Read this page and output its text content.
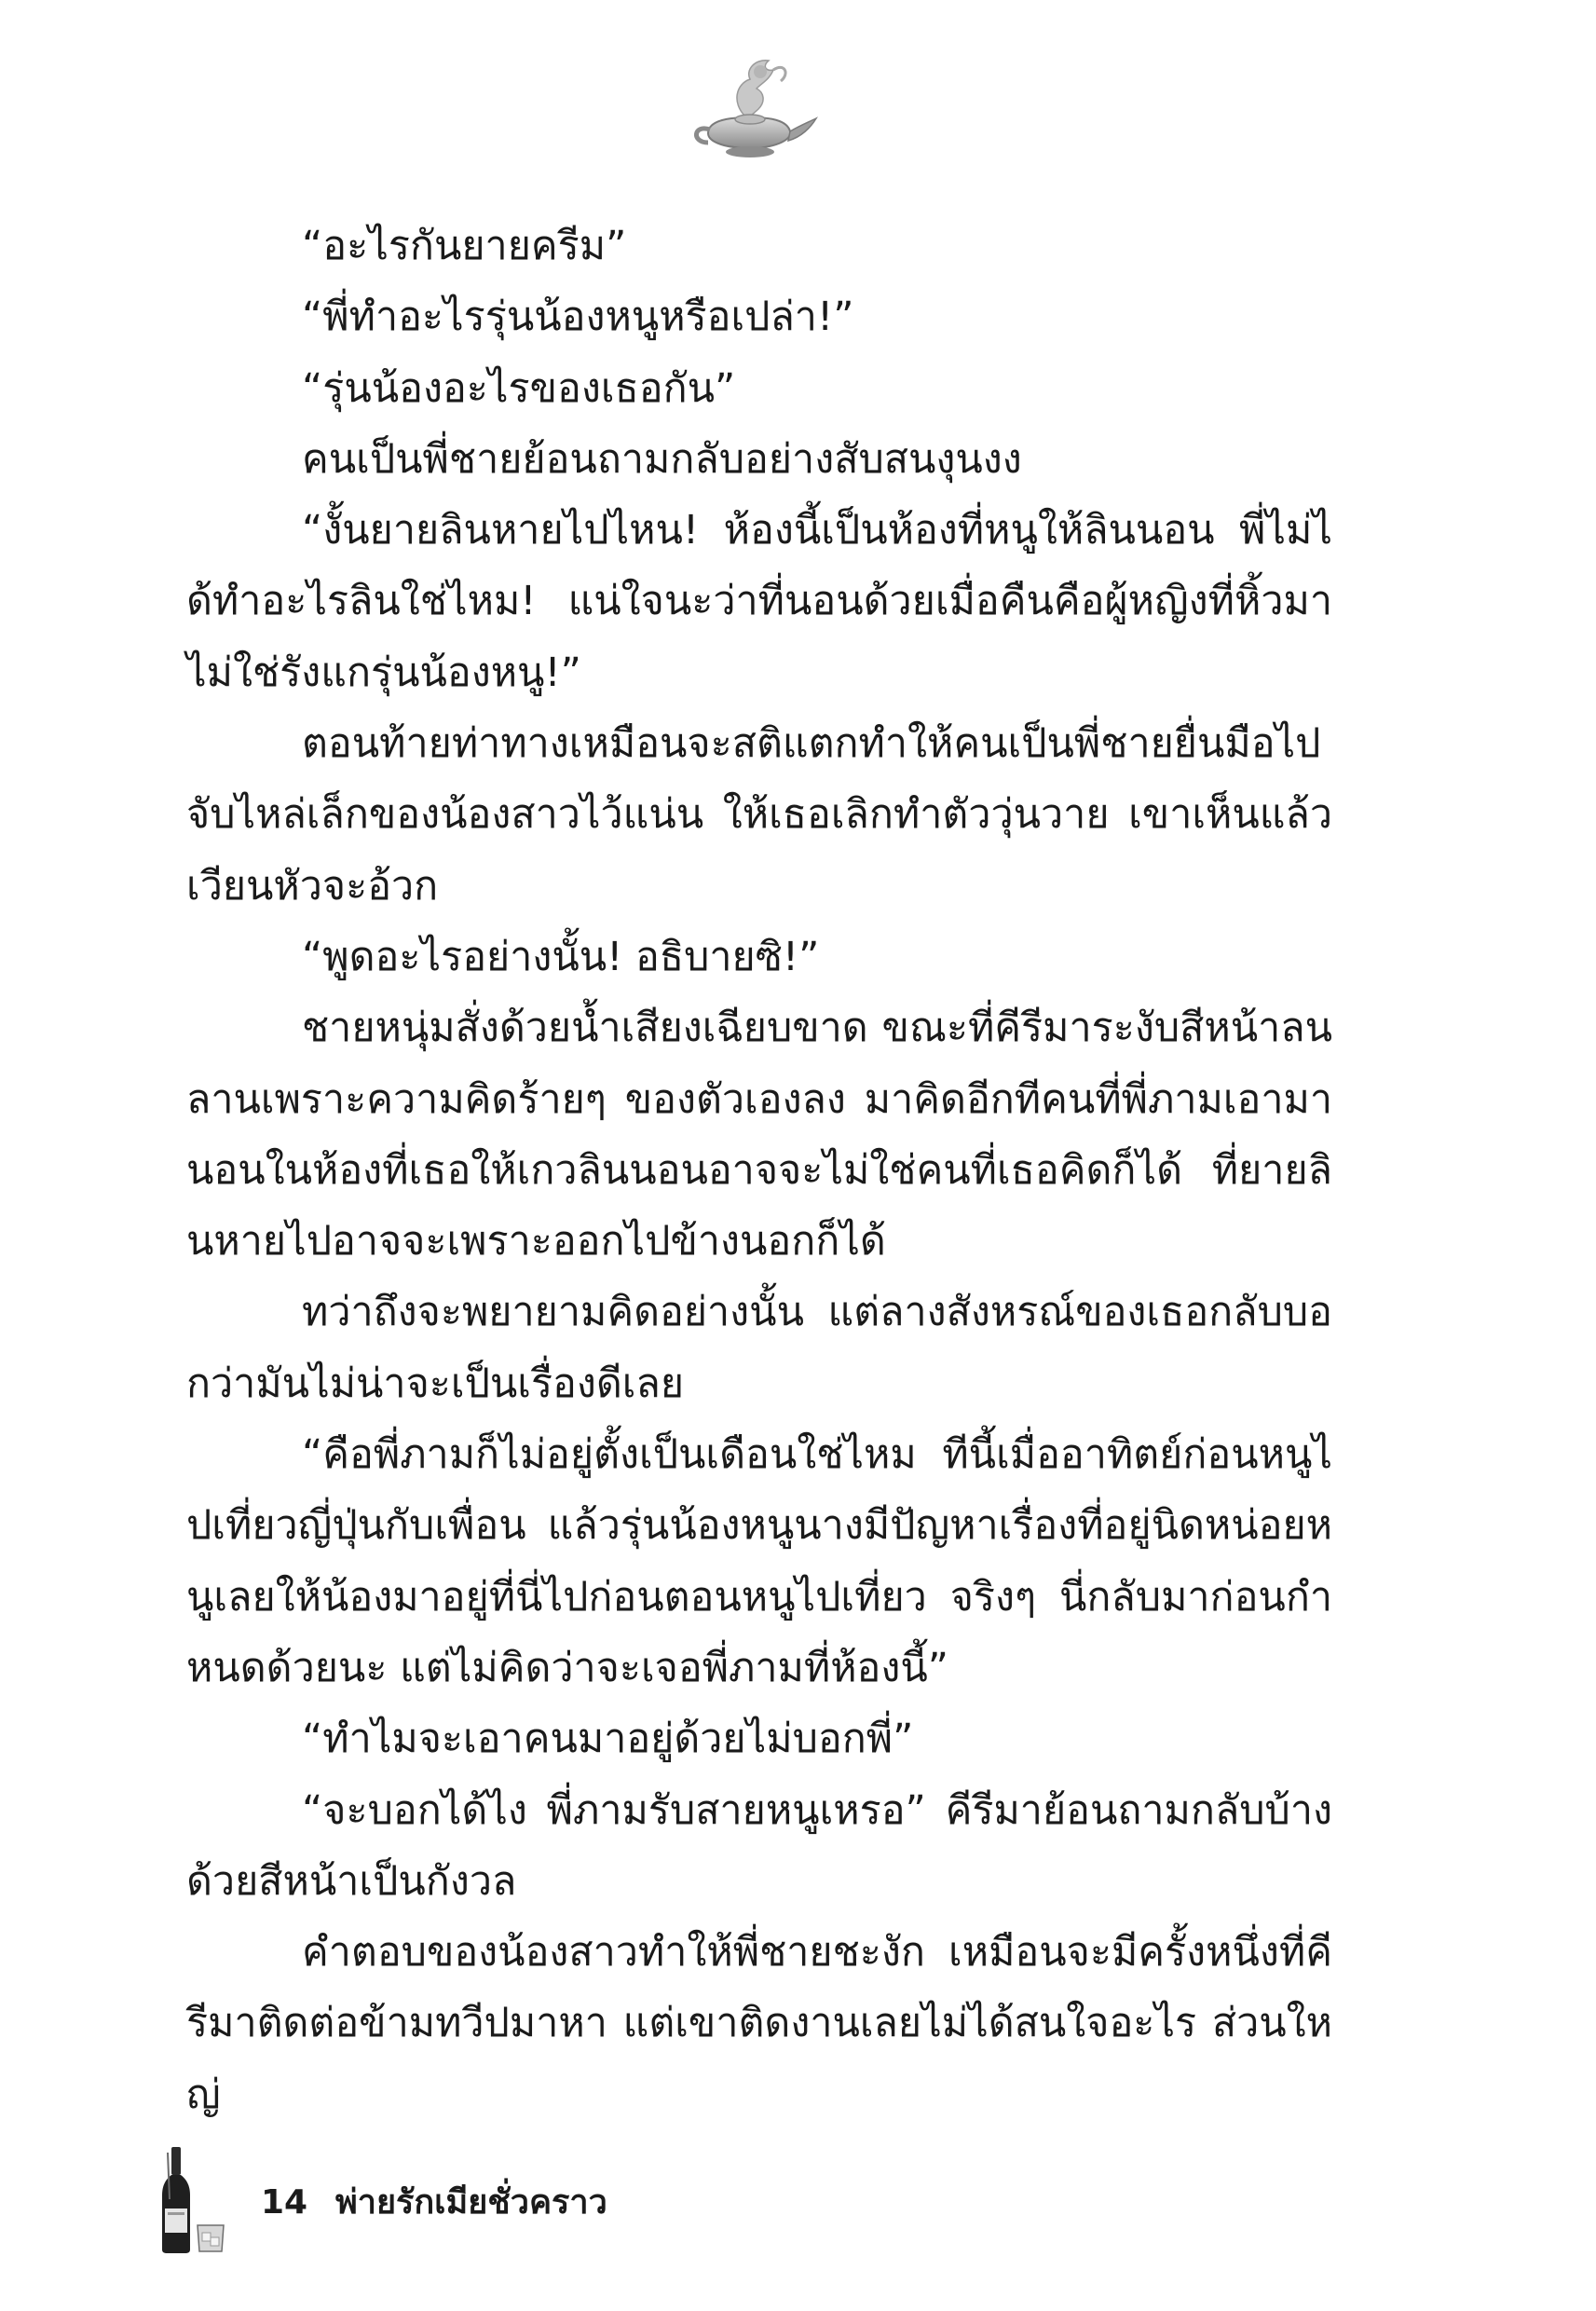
“อะไรกันยายครีม”

“พี่ทำอะไรรุ่นน้องหนูหรือเปล่า!”

“รุ่นน้องอะไรของเธอกัน”

คนเป็นพี่ชายย้อนถามกลับอย่างสับสนงุนงง

“งั้นยายลินหายไปไหน! ห้องนี้เป็นห้องที่หนูให้ลินนอน พี่ไม่ได้ทำอะไรลินใช่ไหม! แน่ใจนะว่าที่นอนด้วยเมื่อคืนคือผู้หญิงที่หิ้วมาไม่ใช่รังแกรุ่นน้องหนู!”

ตอนท้ายท่าทางเหมือนจะสติแตกทำให้คนเป็นพี่ชายยื่นมือไปจับไหล่เล็กของน้องสาวไว้แน่น ให้เธอเลิกทำตัววุ่นวาย เขาเห็นแล้วเวียนหัวจะอ้วก

“พูดอะไรอย่างนั้น! อธิบายซิ!”

ชายหนุ่มสั่งด้วยน้ำเสียงเฉียบขาด ขณะที่คีรีมาระงับสีหน้าลนลานเพราะความคิดร้ายๆ ของตัวเองลง มาคิดอีกทีคนที่พี่ภามเอามานอนในห้องที่เธอให้เกวลินนอนอาจจะไม่ใช่คนที่เธอคิดก็ได้ ที่ยายลินหายไปอาจจะเพราะออกไปข้างนอกก็ได้

ทว่าถึงจะพยายามคิดอย่างนั้น แต่ลางสังหรณ์ของเธอกลับบอกว่ามันไม่น่าจะเป็นเรื่องดีเลย

“คือพี่ภามก็ไม่อยู่ตั้งเป็นเดือนใช่ไหม ทีนี้เมื่ออาทิตย์ก่อนหนูไปเที่ยวญี่ปุ่นกับเพื่อน แล้วรุ่นน้องหนูนางมีปัญหาเรื่องที่อยู่นิดหน่อยหนูเลยให้น้องมาอยู่ที่นี่ไปก่อนตอนหนูไปเที่ยว จริงๆ นี่กลับมาก่อนกำหนดด้วยนะ แต่ไม่คิดว่าจะเจอพี่ภามที่ห้องนี้”

“ทำไมจะเอาคนมาอยู่ด้วยไม่บอกพี่”

“จะบอกได้ไง พี่ภามรับสายหนูเหรอ” คีรีมาย้อนถามกลับบ้างด้วยสีหน้าเป็นกังวล

คำตอบของน้องสาวทำให้พี่ชายชะงัก เหมือนจะมีครั้งหนึ่งที่คีรีมาติดต่อข้ามทวีปมาหา แต่เขาติดงานเลยไม่ได้สนใจอะไร ส่วนใหญ่

14 พ่ายรักเมียชั่วคราว
